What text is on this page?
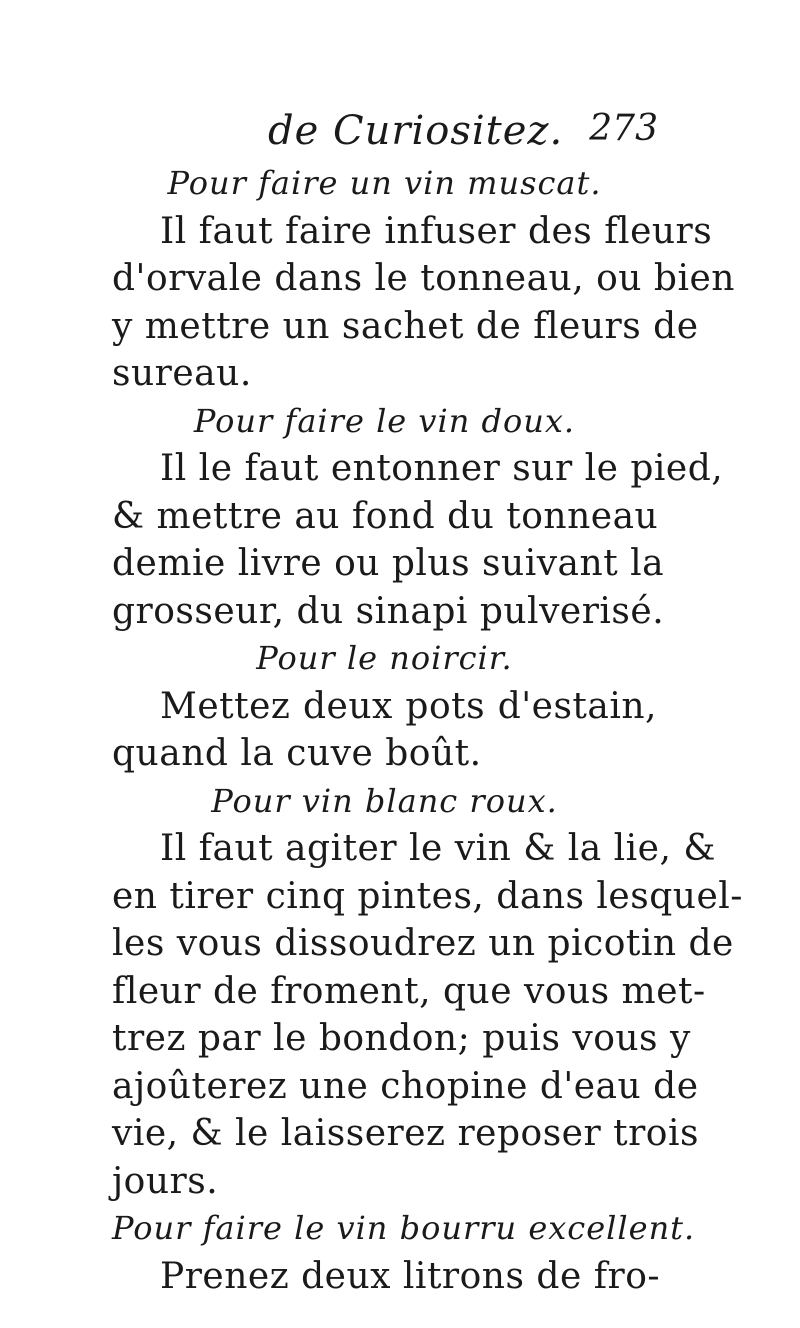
de Curiositez. 273
Pour faire un vin muscat.
Il faut faire infuser des fleurs
d'orvale dans le tonneau, ou bien
y mettre un sachet de fleurs de
sureau.
Pour faire le vin doux.
Il le faut entonner sur le pied,
& mettre au fond du tonneau
demie livre ou plus suivant la
grosseur, du sinapi pulverisé.
Pour le noircir.
Mettez deux pots d'estain,
quand la cuve boût.
Pour vin blanc roux.
Il faut agiter le vin & la lie, &
en tirer cinq pintes, dans lesquel-
les vous dissoudrez un picotin de
fleur de froment, que vous met-
trez par le bondon; puis vous y
ajoûterez une chopine d'eau de
vie, & le laisserez reposer trois
jours.
Pour faire le vin bourru excellent.
Prenez deux litrons de fro-
